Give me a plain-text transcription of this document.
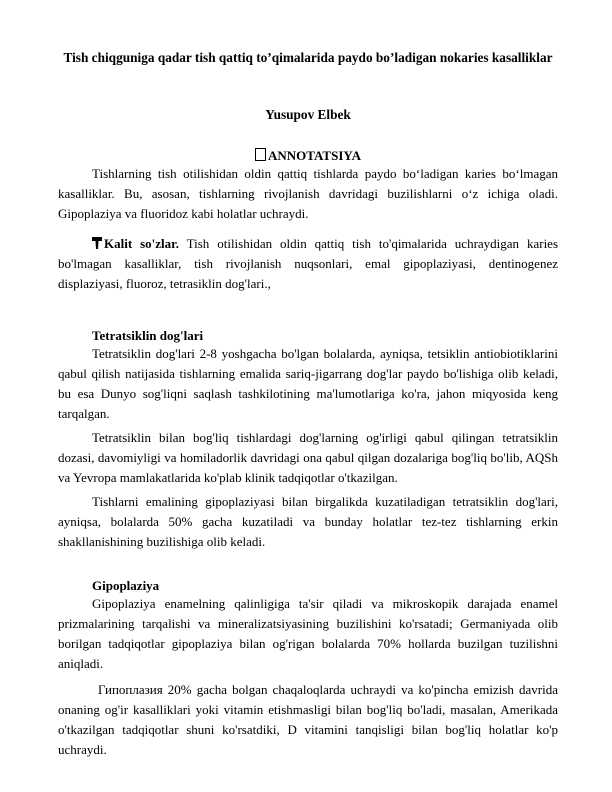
Tish chiqguniga qadar tish qattiq to’qimalarida paydo bo’ladigan nokaries kasalliklar
Yusupov Elbek
ANNOTATSIYA
Tishlarning tish otilishidan oldin qattiq tishlarda paydo bo‘ladigan karies bo‘lmagan kasalliklar. Bu, asosan, tishlarning rivojlanish davridagi buzilishlarni o‘z ichiga oladi. Gipoplaziya va fluoridoz kabi holatlar uchraydi.
Kalit so'zlar. Tish otilishidan oldin qattiq tish to'qimalarida uchraydigan karies bo'lmagan kasalliklar, tish rivojlanish nuqsonlari, emal gipoplaziyasi, dentinogenez displaziyasi, fluoroz, tetrasiklin dog'lari.,
Tetratsiklin dog'lari
Tetratsiklin dog'lari 2-8 yoshgacha bo'lgan bolalarda, ayniqsa, tetsiklin antiobiotiklarini qabul qilish natijasida tishlarning emalida sariq-jigarrang dog'lar paydo bo'lishiga olib keladi, bu esa Dunyo sog'liqni saqlash tashkilotining ma'lumotlariga ko'ra, jahon miqyosida keng tarqalgan.
Tetratsiklin bilan bog'liq tishlardagi dog'larning og'irligi qabul qilingan tetratsiklin dozasi, davomiyligi va homiladorlik davridagi ona qabul qilgan dozalariga bog'liq bo'lib, AQSh va Yevropa mamlakatlarida ko'plab klinik tadqiqotlar o'tkazilgan.
Tishlarni emalining gipoplaziyasi bilan birgalikda kuzatiladigan tetratsiklin dog'lari, ayniqsa, bolalarda 50% gacha kuzatiladi va bunday holatlar tez-tez tishlarning erkin shakllanishining buzilishiga olib keladi.
Gipoplaziya
Gipoplaziya enamelning qalinligiga ta'sir qiladi va mikroskopik darajada enamel prizmalarining tarqalishi va mineralizatsiyasining buzilishini ko'rsatadi; Germaniyada olib borilgan tadqiqotlar gipoplaziya bilan og'rigan bolalarda 70% hollarda buzilgan tuzilishni aniqladi.
Гипоплазия 20% gacha bolgan chaqaloqlarda uchraydi va ko'pincha emizish davrida onaning og'ir kasalliklari yoki vitamin etishmasligi bilan bog'liq bo'ladi, masalan, Amerikada o'tkazilgan tadqiqotlar shuni ko'rsatdiki, D vitamini tanqisligi bilan bog'liq holatlar ko'p uchraydi.
